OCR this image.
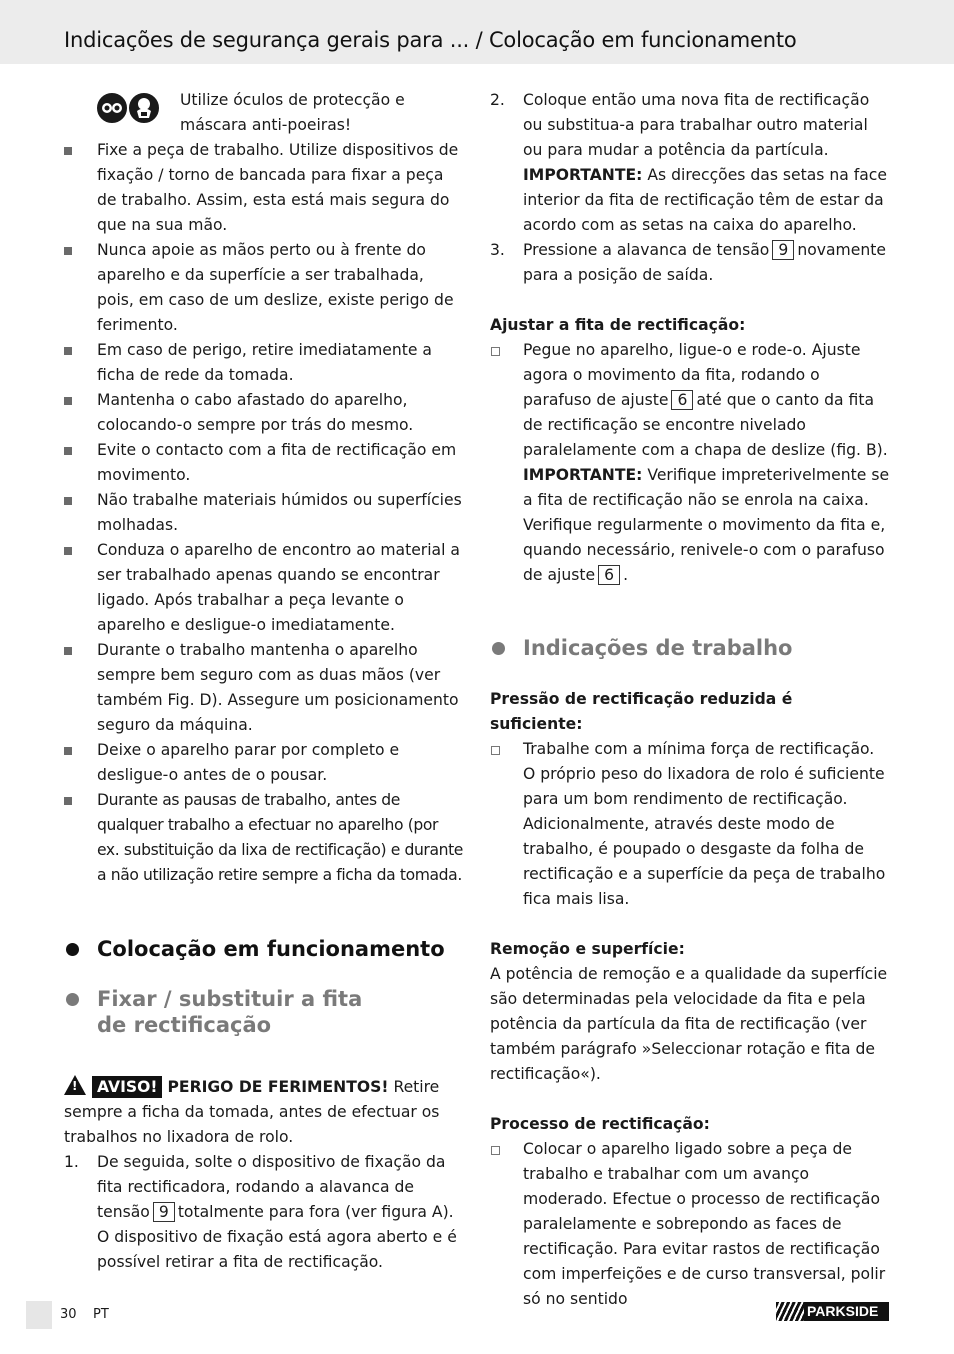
Indicações de segurança gerais para ... / Colocação em funcionamento

Utilize óculos de protecção e máscara anti-poeiras!

Fixe a peça de trabalho. Utilize dispositivos de fixação / torno de bancada para fixar a peça de trabalho. Assim, esta está mais segura do que na sua mão.
Nunca apoie as mãos perto ou à frente do aparelho e da superfície a ser trabalhada, pois, em caso de um deslize, existe perigo de ferimento.
Em caso de perigo, retire imediatamente a ficha de rede da tomada.
Mantenha o cabo afastado do aparelho, colocando-o sempre por trás do mesmo.
Evite o contacto com a fita de rectificação em movimento.
Não trabalhe materiais húmidos ou superfícies molhadas.
Conduza o aparelho de encontro ao material a ser trabalhado apenas quando se encontrar ligado. Após trabalhar a peça levante o aparelho e desligue-o imediatamente.
Durante o trabalho mantenha o aparelho sempre bem seguro com as duas mãos (ver também Fig. D). Assegure um posicionamento seguro da máquina.
Deixe o aparelho parar por completo e desligue-o antes de o pousar.
Durante as pausas de trabalho, antes de qualquer trabalho a efectuar no aparelho (por ex. substituição da lixa de rectificação) e durante a não utilização retire sempre a ficha da tomada.
Colocação em funcionamento
Fixar / substituir a fita de rectificação

! AVISO! PERIGO DE FERIMENTOS! Retire sempre a ficha da tomada, antes de efectuar os trabalhos no lixadora de rolo.

1. De seguida, solte o dispositivo de fixação da fita rectificadora, rodando a alavanca de tensão 9 totalmente para fora (ver figura A). O dispositivo de fixação está agora aberto e é possível retirar a fita de rectificação.
2. Coloque então uma nova fita de rectificação ou substitua-a para trabalhar outro material ou para mudar a potência da partícula. IMPORTANTE: As direcções das setas na face interior da fita de rectificação têm de estar da acordo com as setas na caixa do aparelho.
3. Pressione a alavanca de tensão 9 novamente para a posição de saída.

Ajustar a fita de rectificação:

Pegue no aparelho, ligue-o e rode-o. Ajuste agora o movimento da fita, rodando o parafuso de ajuste 6 até que o canto da fita de rectificação se encontre nivelado paralelamente com a chapa de deslize (fig. B). IMPORTANTE: Verifique impreterivelmente se a fita de rectificação não se enrola na caixa. Verifique regularmente o movimento da fita e, quando necessário, renivele-o com o parafuso de ajuste 6 .
Indicações de trabalho

Pressão de rectificação reduzida é suficiente:

Trabalhe com a mínima força de rectificação. O próprio peso do lixadora de rolo é suficiente para um bom rendimento de rectificação. Adicionalmente, através deste modo de trabalho, é poupado o desgaste da folha de rectificação e a superfície da peça de trabalho fica mais lisa.

Remoção e superfície:

A potência de remoção e a qualidade da superfície são determinadas pela velocidade da fita e pela potência da partícula da fita de rectificação (ver também parágrafo »Seleccionar rotação e fita de rectificação«).

Processo de rectificação:

Colocar o aparelho ligado sobre a peça de trabalho e trabalhar com um avanço moderado. Efectue o processo de rectificação paralelamente e sobrepondo as faces de rectificação. Para evitar rastos de rectificação com imperfeições e de curso transversal, polir só no sentido
30 PT	PARKSIDE
